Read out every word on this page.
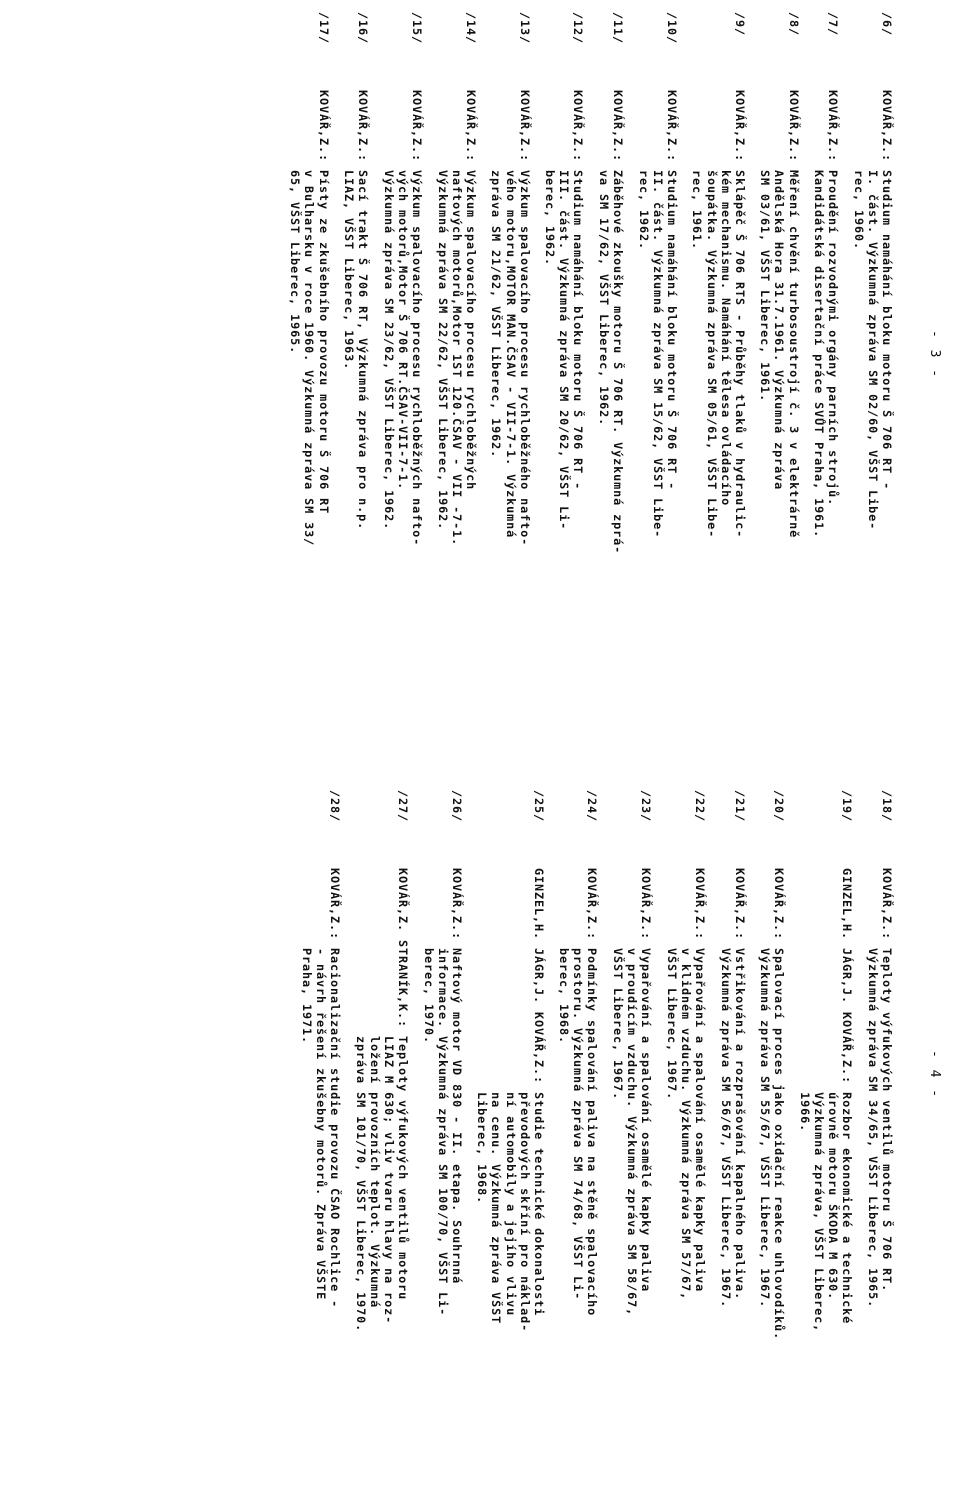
- 3 -
- 4 -
/6/
KOVÁŘ,Z.: Studium namáhání bloku motoru Š 706 RT -
I. část. Výzkumná zpráva SM 02/60, VŠST Libe-
rec, 1960.
/7/
KOVÁŘ,Z.: Proudění rozvodnými orgány parních strojů.
Kandidátská disertační práce SVŮT Praha, 1961.
/8/
KOVÁŘ,Z.: Měření chvění turbosoustrojí č. 3 v elektrárně
Andělská Hora 31.7.1961. Výzkumná zpráva
SM 03/61, VŠST Liberec, 1961.
/9/
KOVÁŘ,Z.: Sklápěč Š 706 RTS - Průběhy tlaků v hydraulic-
kém mechanismu. Namáhání tělesa ovládacího
šoupátka. Výzkumná zpráva SM 05/61, VŠST Libe-
rec, 1961.
/10/
KOVÁŘ,Z.: Studium namáhání bloku motoru Š 706 RT -
II. část. Výzkumná zpráva SM 15/62, VŠST Libe-
rec, 1962.
/11/
KOVÁŘ,Z.: Záběhové zkoušky motoru Š 706 RT. Výzkumná zprá-
va SM 17/62, VŠST Liberec, 1962.
/12/
KOVÁŘ,Z.: Studium namáhání bloku motoru Š 706 RT -
III. část. Výzkumná zpráva SM 20/62, VŠST Li-
berec, 1962.
/13/
KOVÁŘ,Z.: Výzkum spalovacího procesu rychloběžného nafto-
vého motoru,MOTOR MAN.ČSAV - VII-7-1. Výzkumná
zpráva SM 21/62, VŠST Liberec, 1962.
/14/
KOVÁŘ,Z.: Výzkum spalovacího procesu rychloběžných
naftových motorů,Motor 1ST 120.ČSAV - VII -7-1.
Výzkumná zpráva SM 22/62, VŠST Liberec, 1962.
/15/
KOVÁŘ,Z.: Výzkum spalovacího procesu rychloběžných nafto-
vých motorů,Motor Š 706 RT.ČSAV-VII-7-1.
Výzkumná zpráva SM 23/62, VŠST Liberec, 1962.
/16/
KOVÁŘ,Z.: Sací trakt Š 706 RT, Výzkumná zpráva pro n.p.
LIAZ, VŠST Liberec, 1963.
/17/
KOVÁŘ,Z.: Písty ze zkušebního provozu motoru Š 706 RT
v Bulharsku v roce 1960. Výzkumná zpráva SM 33/
65, VŠST Liberec, 1965.
/18/
KOVÁŘ,Z.: Teploty výfukových ventilů motoru Š 706 RT.
Výzkumná zpráva SM 34/65, VŠST Liberec, 1965.
/19/
GINZEL,H. JÁGR,J. KOVÁŘ,Z.: Rozbor ekonomické a technické
úrovně motoru ŠKODA M 630.
Výzkumná zpráva, VŠST Liberec,
1966.
/20/
KOVÁŘ,Z.: Spalovací proces jako oxidační reakce uhlovodíků.
Výzkumná zpráva SM 55/67, VŠST Liberec, 1967.
/21/
KOVÁŘ,Z.: Vstřikování a rozprašování kapalného paliva.
Výzkumná zpráva SM 56/67, VŠST Liberec, 1967.
/22/
KOVÁŘ,Z.: Vypařování a spalování osamělé kapky paliva
v klidném vzduchu. Výzkumná zpráva SM 57/67,
VŠST Liberec, 1967.
/23/
KOVÁŘ,Z.: Vypařování a spalování osamělé kapky paliva
v proudícím vzduchu. Výzkumná zpráva SM 58/67,
VŠST Liberec, 1967.
/24/
KOVÁŘ,Z.: Podmínky spalování paliva na stěně spalovacího
prostoru. Výzkumná zpráva SM 74/68, VŠST Li-
berec, 1968.
/25/
GINZEL,H. JÁGR,J. KOVÁŘ,Z.: Studie technické dokonalosti
převodových skříní pro náklad-
ní automobily a jejího vlivu
na cenu. Výzkumná zpráva VŠST
Liberec, 1968.
/26/
KOVÁŘ,Z.: Naftový motor VD 830 - II. etapa. Souhrnná
informace. Výzkumná zpráva SM 100/70, VŠST Li-
berec, 1970.
/27/
KOVÁŘ,Z. STRANÍK,K.: Teploty výfukových ventilů motoru
LIAZ M 630; vliv tvaru hlavy na roz-
ložení provozních teplot. Výzkumná
zpráva SM 101/70, VŠST Liberec, 1970.
/28/
KOVÁŘ,Z.: Racionalizační studie provozu ČSAO Rochlice -
- návrh řešení zkušebny motorů. Zpráva VŠSTE
Praha, 1971.
